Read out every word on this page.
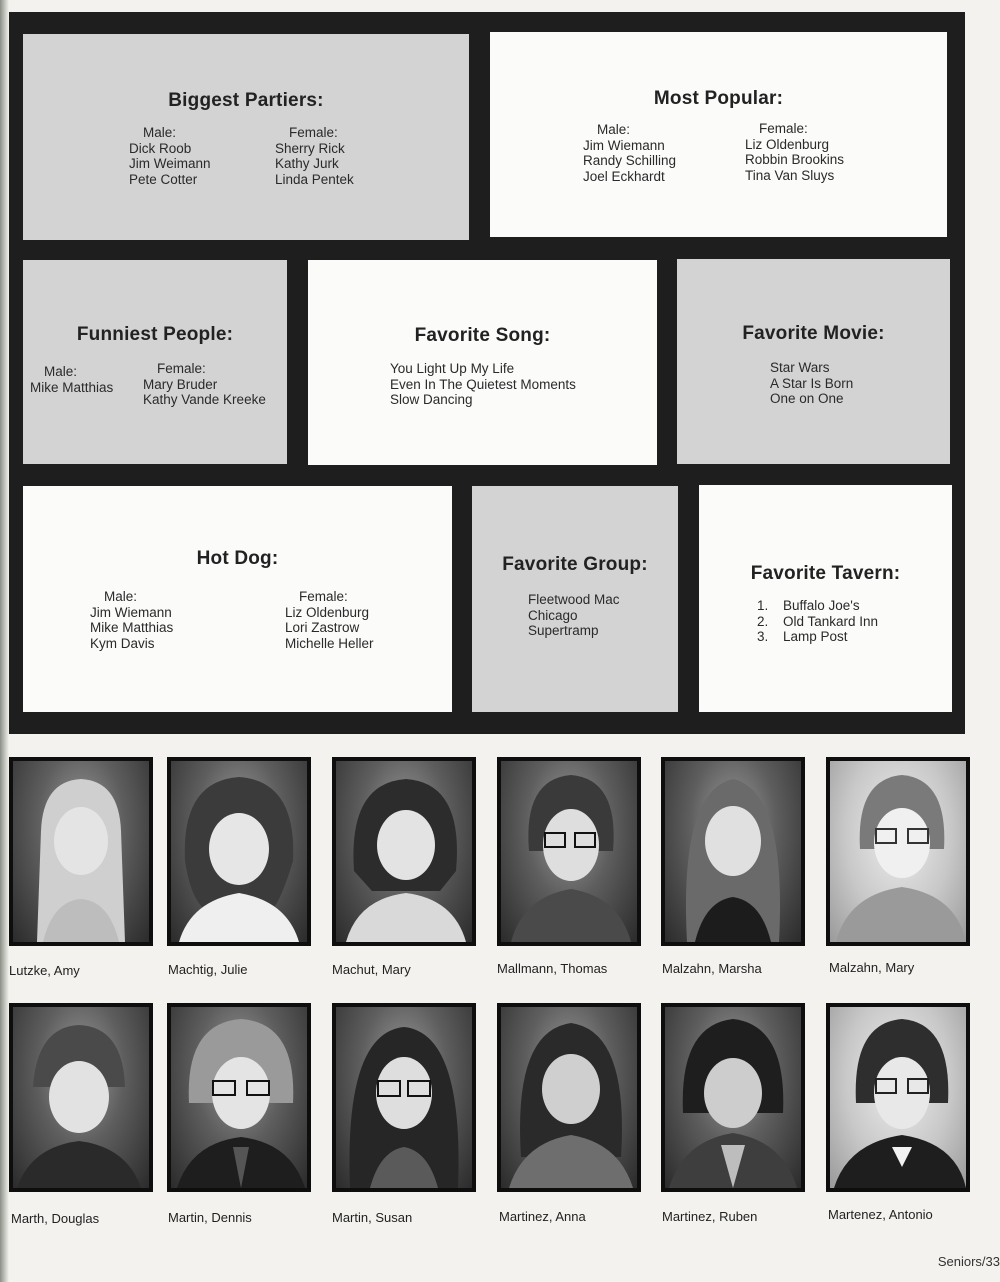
Biggest Partiers:
Male:
Dick Roob
Jim Weimann
Pete Cotter
Female:
Sherry Rick
Kathy Jurk
Linda Pentek
Most Popular:
Male:
Jim Wiemann
Randy Schilling
Joel Eckhardt
Female:
Liz Oldenburg
Robbin Brookins
Tina Van Sluys
Funniest People:
Male:
Mike Matthias
Female:
Mary Bruder
Kathy Vande Kreeke
Favorite Song:
You Light Up My Life
Even In The Quietest Moments
Slow Dancing
Favorite Movie:
Star Wars
A Star Is Born
One on One
Hot Dog:
Male:
Jim Wiemann
Mike Matthias
Kym Davis
Female:
Liz Oldenburg
Lori Zastrow
Michelle Heller
Favorite Group:
Fleetwood Mac
Chicago
Supertramp
Favorite Tavern:
1. Buffalo Joe's
2. Old Tankard Inn
3. Lamp Post
Lutzke, Amy	Machtig, Julie	Machut, Mary	Mallmann, Thomas	Malzahn, Marsha	Malzahn, Mary
Marth, Douglas	Martin, Dennis	Martin, Susan	Martinez, Anna	Martinez, Ruben	Martenez, Antonio
Seniors/33
